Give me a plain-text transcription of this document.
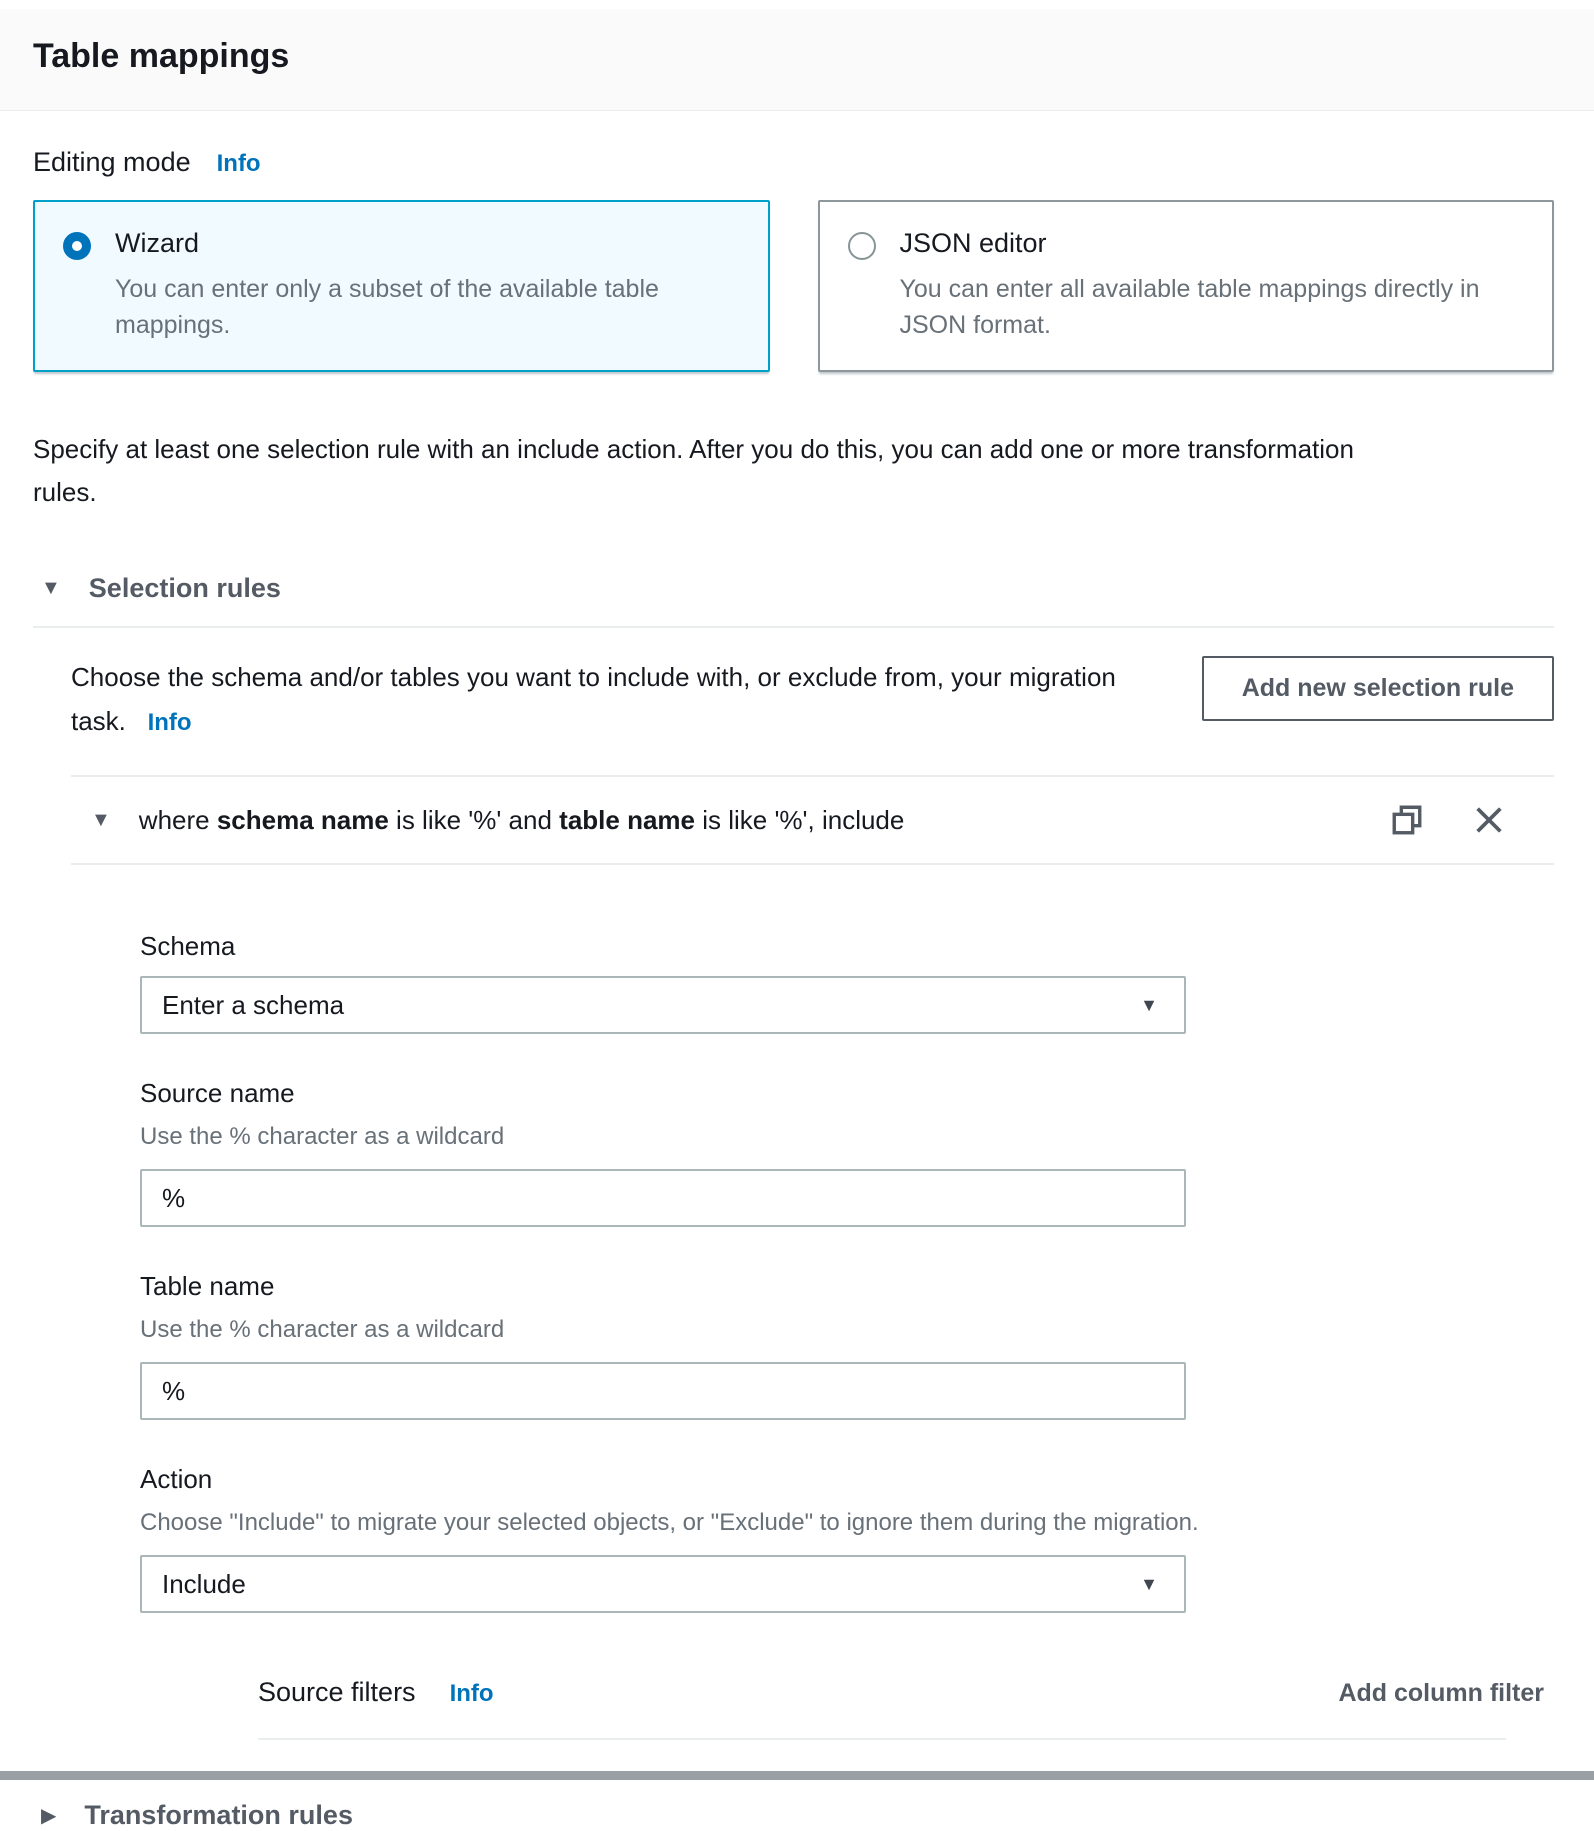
Table mappings
Editing mode Info
Wizard
You can enter only a subset of the available table mappings.
JSON editor
You can enter all available table mappings directly in JSON format.

Specify at least one selection rule with an include action. After you do this, you can add one or more transformation rules.

▼ Selection rules

Choose the schema and/or tables you want to include with, or exclude from, your migration task. Info

Add new selection rule
▼ where schema name is like '%' and table name is like '%', include
Schema
Enter a schema	▼
Source name
Use the % character as a wildcard
%
Table name
Use the % character as a wildcard
%
Action
Choose "Include" to migrate your selected objects, or "Exclude" to ignore them during the migration.
Include	▼
Source filters Info	Add column filter
▶ Transformation rules
